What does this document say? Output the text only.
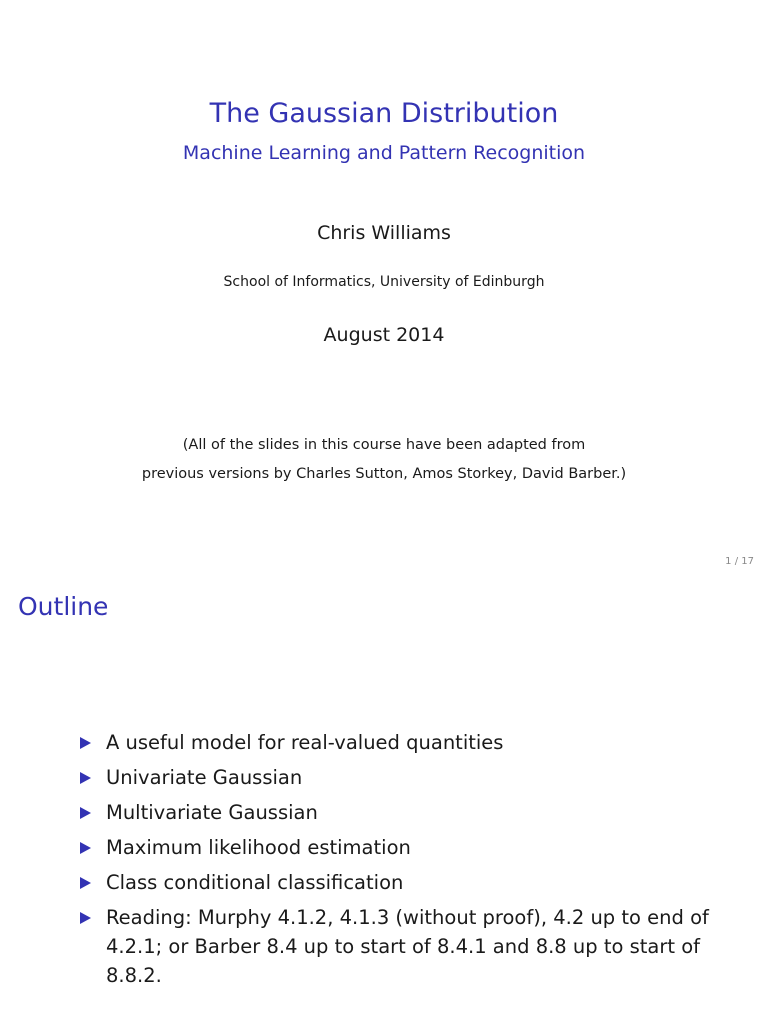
The Gaussian Distribution
Machine Learning and Pattern Recognition
Chris Williams
School of Informatics, University of Edinburgh
August 2014
(All of the slides in this course have been adapted from
previous versions by Charles Sutton, Amos Storkey, David Barber.)
1 / 17
Outline
A useful model for real-valued quantities
Univariate Gaussian
Multivariate Gaussian
Maximum likelihood estimation
Class conditional classification
Reading: Murphy 4.1.2, 4.1.3 (without proof), 4.2 up to end of 4.2.1; or Barber 8.4 up to start of 8.4.1 and 8.8 up to start of 8.8.2.
